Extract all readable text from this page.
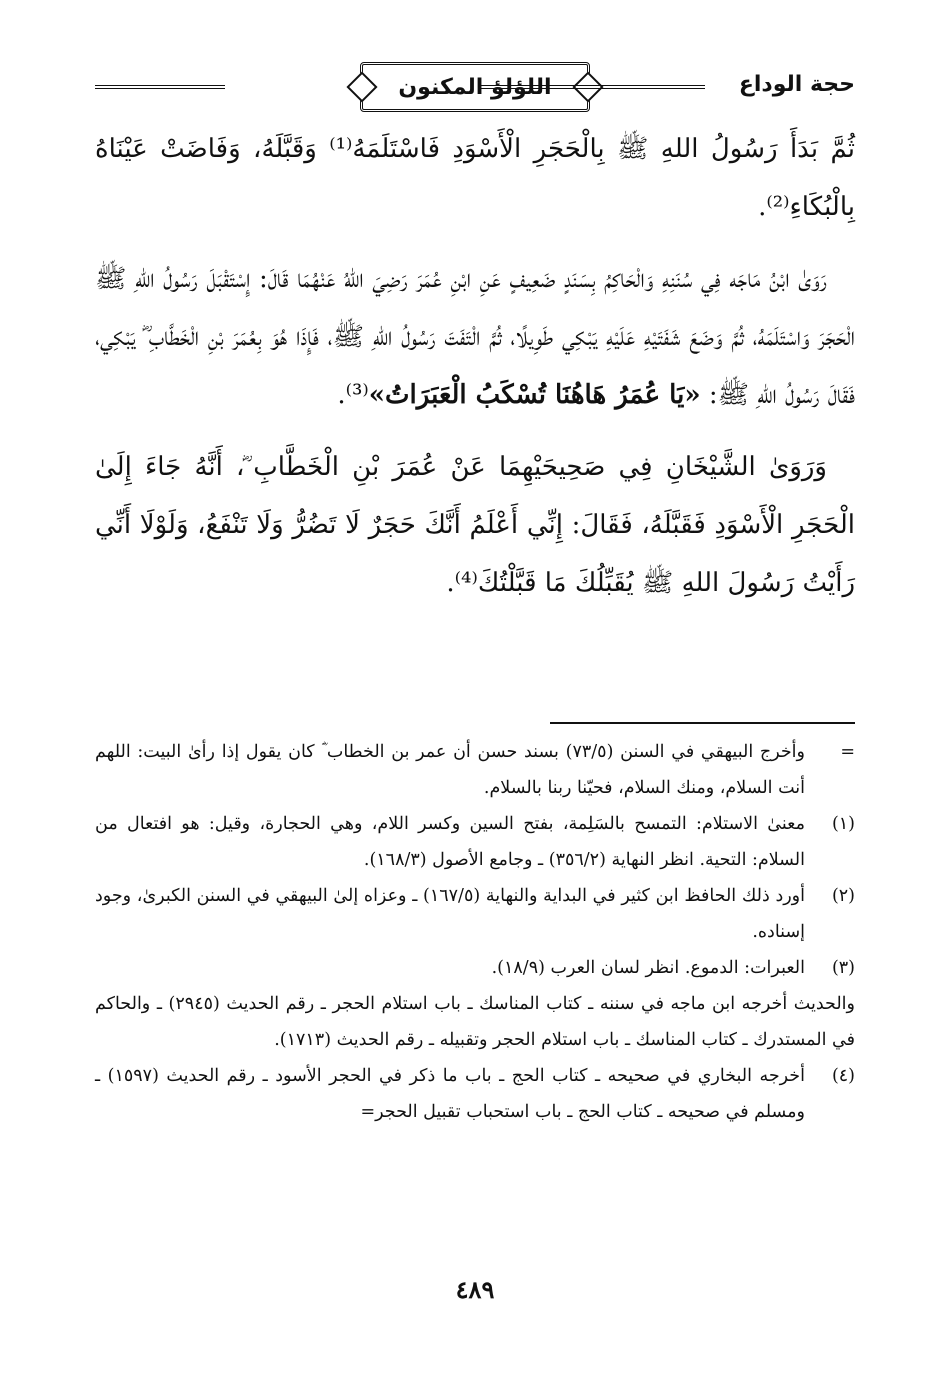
اللؤلؤ المكنون	حجة الوداع

ثُمَّ بَدَأَ رَسُولُ اللهِ ﷺ بِالْحَجَرِ الْأَسْوَدِ فَاسْتَلَمَهُ⁽¹⁾ وَقَبَّلَهُ، وَفَاضَتْ عَيْنَاهُ بِالْبُكَاءِ⁽²⁾.

رَوَىٰ ابْنُ مَاجَه فِي سُنَنِهِ وَالْحَاكِمُ بِسَنَدٍ ضَعِيفٍ عَنِ ابْنِ عُمَرَ رَضِيَ اللهُ عَنْهُمَا قَالَ: إِسْتَقْبَلَ رَسُولُ اللهِ ﷺ الْحَجَرَ وَاسْتَلَمَهُ، ثُمَّ وَضَعَ شَفَتَيْهِ عَلَيْهِ يَبْكِي طَوِيلًا، ثُمَّ الْتَفَتَ رَسُولُ اللهِ ﷺ، فَإِذَا هُوَ بِعُمَرَ بْنِ الْخَطَّابِ ؓ يَبْكِي، فَقَالَ رَسُولُ اللهِ ﷺ: «يَا عُمَرُ هَاهُنَا تُسْكَبُ الْعَبَرَاتُ»⁽³⁾.

وَرَوَىٰ الشَّيْخَانِ فِي صَحِيحَيْهِمَا عَنْ عُمَرَ بْنِ الْخَطَّابِ ؓ، أَنَّهُ جَاءَ إِلَىٰ الْحَجَرِ الْأَسْوَدِ فَقَبَّلَهُ، فَقَالَ: إِنِّي أَعْلَمُ أَنَّكَ حَجَرٌ لَا تَضُرُّ وَلَا تَنْفَعُ، وَلَوْلَا أَنِّي رَأَيْتُ رَسُولَ اللهِ ﷺ يُقَبِّلُكَ مَا قَبَّلْتُكَ⁽⁴⁾.

=
وأخرج البيهقي في السنن (٧٣/٥) بسند حسن أن عمر بن الخطاب ؓ كان يقول إذا رأىٰ البيت: اللهم أنت السلام، ومنك السلام، فحيّنا ربنا بالسلام.

(١)
معنىٰ الاستلام: التمسح بالسَلِمة، بفتح السين وكسر اللام، وهي الحجارة، وقيل: هو افتعال من السلام: التحية. انظر النهاية (٣٥٦/٢) ـ وجامع الأصول (١٦٨/٣).

(٢)
أورد ذلك الحافظ ابن كثير في البداية والنهاية (١٦٧/٥) ـ وعزاه إلىٰ البيهقي في السنن الكبرىٰ، وجود إسناده.

(٣)
العبرات: الدموع. انظر لسان العرب (١٨/٩).

والحديث أخرجه ابن ماجه في سننه ـ كتاب المناسك ـ باب استلام الحجر ـ رقم الحديث (٢٩٤٥) ـ والحاكم في المستدرك ـ كتاب المناسك ـ باب استلام الحجر وتقبيله ـ رقم الحديث (١٧١٣).

(٤)
أخرجه البخاري في صحيحه ـ كتاب الحج ـ باب ما ذكر في الحجر الأسود ـ رقم الحديث (١٥٩٧) ـ ومسلم في صحيحه ـ كتاب الحج ـ باب استحباب تقبيل الحجر=

٤٨٩
